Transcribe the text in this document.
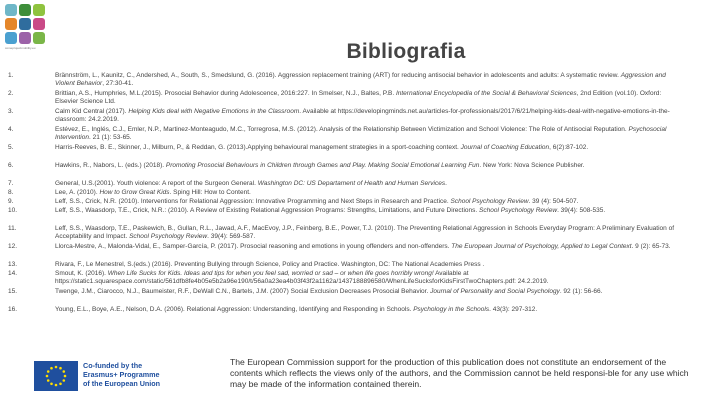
comeprojectmobility.eu	Bibliografia
1.	Brännström, L., Kaunitz, C., Andershed, A., South, S., Smedslund, G. (2016). Aggression replacement training (ART) for reducing antisocial behavior in adolescents and adults: A systematic review. Aggression and Violent Behavior, 27:30-41.
2.	Brittian, A.S., Humphries, M.L.(2015). Prosocial Behavior during Adolescence, 2016:227. In Smelser, N.J., Baltes, P.B. International Encyclopedia of the Social & Behavioral Sciences, 2nd Edition (vol.10). Oxford: Elsevier Science Ltd.
3.	Calm Kid Central (2017). Helping Kids deal with Negative Emotions in the Classroom. Available at https://developingminds.net.au/articles-for-professionals/2017/6/21/helping-kids-deal-with-negative-emotions-in-the-classroom: 24.2.2019.
4.	Estévez, E., Inglés, C.J., Emler, N.P., Martinez-Monteagudo, M.C., Torregrosa, M.S. (2012). Analysis of the Relationship Between Victimization and School Violence: The Role of Antisocial Reputation. Psychosocial Intervention. 21 (1): 53-65.
5.	Harris-Reeves, B. E., Skinner, J., Milburn, P., & Reddan, G. (2013).Applying behavioural management strategies in a sport-coaching context. Journal of Coaching Education, 6(2):87-102.
6.	Hawkins, R., Nabors, L. (eds.) (2018). Promoting Prosocial Behaviours in Children through Games and Play. Making Social Emotional Learning Fun. New York: Nova Science Publisher.
7.	General, U.S.(2001). Youth violence: A report of the Surgeon General. Washington DC: US Departament of Health and Human Services.
8.	Lee, A. (2010). How to Grow Great Kids. Sping Hill: How to Content.
9.	Leff, S.S., Crick, N.R. (2010). Interventions for Relational Aggression: Innovative Programming and Next Steps in Research and Practice. School Psychology Review. 39 (4): 504-507.
10.	Leff, S.S., Waasdorp, T.E., Crick, N.R.: (2010). A Review of Existing Relational Aggression Programs: Strengths, Limitations, and Future Directions. School Psychology Review. 39(4): 508-535.
11.	Leff, S.S., Waasdorp, T.E., Paskewich, B., Gullan, R.L., Jawad, A.F., MacEvoy, J.P., Feinberg, B.E., Power, T.J. (2010). The Preventing Relational Aggression in Schools Everyday Program: A Preliminary Evaluation of Acceptability and Impact. School Psychology Review. 39(4): 569-587.
12.	Llorca-Mestre, A., Malonda-Vidal, E., Samper-García, P. (2017). Prosocial reasoning and emotions in young offenders and non-offenders. The European Journal of Psychology, Applied to Legal Context. 9 (2): 65-73.
13.	Rivara, F., Le Menestrel, S.(eds.) (2016). Preventing Bullying through Science, Policy and Practice. Washington, DC: The National Academies Press .
14.	Smout, K. (2016). When Life Sucks for Kids. Ideas and tips for when you feel sad, worried or sad – or when life goes horribly wrong! Available at https://static1.squarespace.com/static/561dfb8fe4b05e5b2a96e190/t/56a0a23ea4b03f43f2a1162a/1437188896580/WhenLifeSucksforKidsFirstTwoChapters.pdf: 24.2.2019.
15.	Twenge, J.M., Ciarocco, N.J., Baumeister, R.F., DeWall C.N., Bartels, J.M. (2007) Social Exclusion Decreases Prosocial Behavior. Journal of Personality and Social Psychology. 92 (1): 56-66.
16.	Young, E.L., Boye, A.E., Nelson, D.A. (2006). Relational Aggression: Understanding, Identifying and Responding in Schools. Psychology in the Schools. 43(3): 297-312.
Co-funded by the
Erasmus+ Programme
of the European Union
The European Commission support for the production of this publication does not constitute an endorsement of the contents which reflects the views only of the authors, and the Commission cannot be held responsi-ble for any use which may be made of the information contained therein.
